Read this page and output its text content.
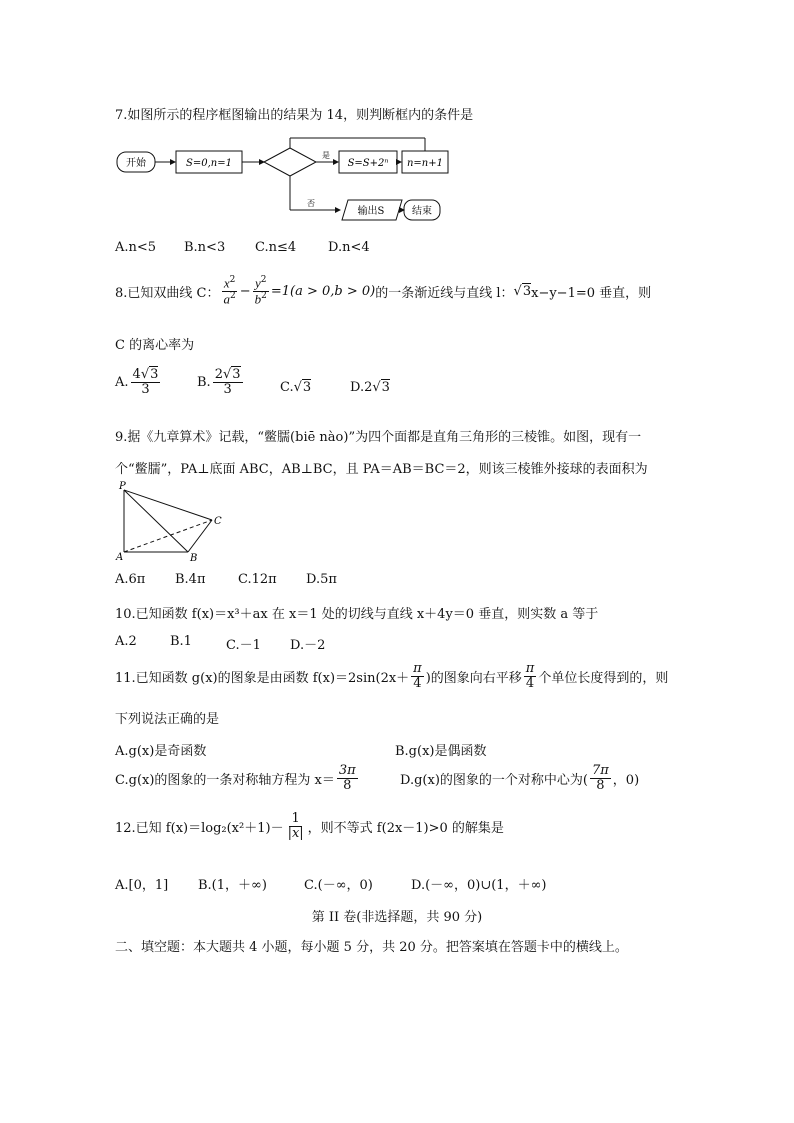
7.如图所示的程序框图输出的结果为 14，则判断框内的条件是
开始	S=0,n=1
是
S=S+2ⁿ n=n+1
否
输出S	结束
A.n<5 B.n<3 C.n≤4 D.n<4
8.已知双曲线 C： $\frac{x^2}{a^2} - \frac{y^2}{b^2} =1(a > 0,b > 0)$ 的一条渐近线与直线 l： √3 x−y−1=0 垂直，则
C 的离心率为
A. $\frac{4√3}{3}$	B. $\frac{2√3}{3}$	C.√3	D.2√3
9.据《九章算术》记载，“鳖臑(biē nào)”为四个面都是直角三角形的三棱锥。如图，现有一
个“鳖臑”，PA⊥底面 ABC，AB⊥BC，且 PA＝AB＝BC＝2，则该三棱锥外接球的表面积为
P
A	B
C
A.6π B.4π C.12π D.5π
10.已知函数 f(x)＝x³＋ax 在 x＝1 处的切线与直线 x＋4y＝0 垂直，则实数 a 等于
A.2	B.1	C.－1 D.－2
11.已知函数 g(x)的图象是由函数 $f(x)=2\sin(2x+ \frac{\pi}{4}$ )的图象向右平移 $\frac{\pi}{4}$ 个单位长度得到的，则
下列说法正确的是
A.g(x)是奇函数	B.g(x)是偶函数
C.g(x)的图象的一条对称轴方程为 $x= \frac{3\pi}{8}$	D.g(x)的图象的一个对称中心为( $\frac{7\pi}{8}$ ，0)
12.已知 $f(x)=\log_2(x^2+1)- \frac{1}{|x|}$ ，则不等式 f(2x－1)>0 的解集是
A.[0，1] B.(1，＋∞)	C.(－∞，0)	D.(－∞，0)∪(1，＋∞)
第 II 卷(非选择题，共 90 分)
二、填空题：本大题共 4 小题，每小题 5 分，共 20 分。把答案填在答题卡中的横线上。
